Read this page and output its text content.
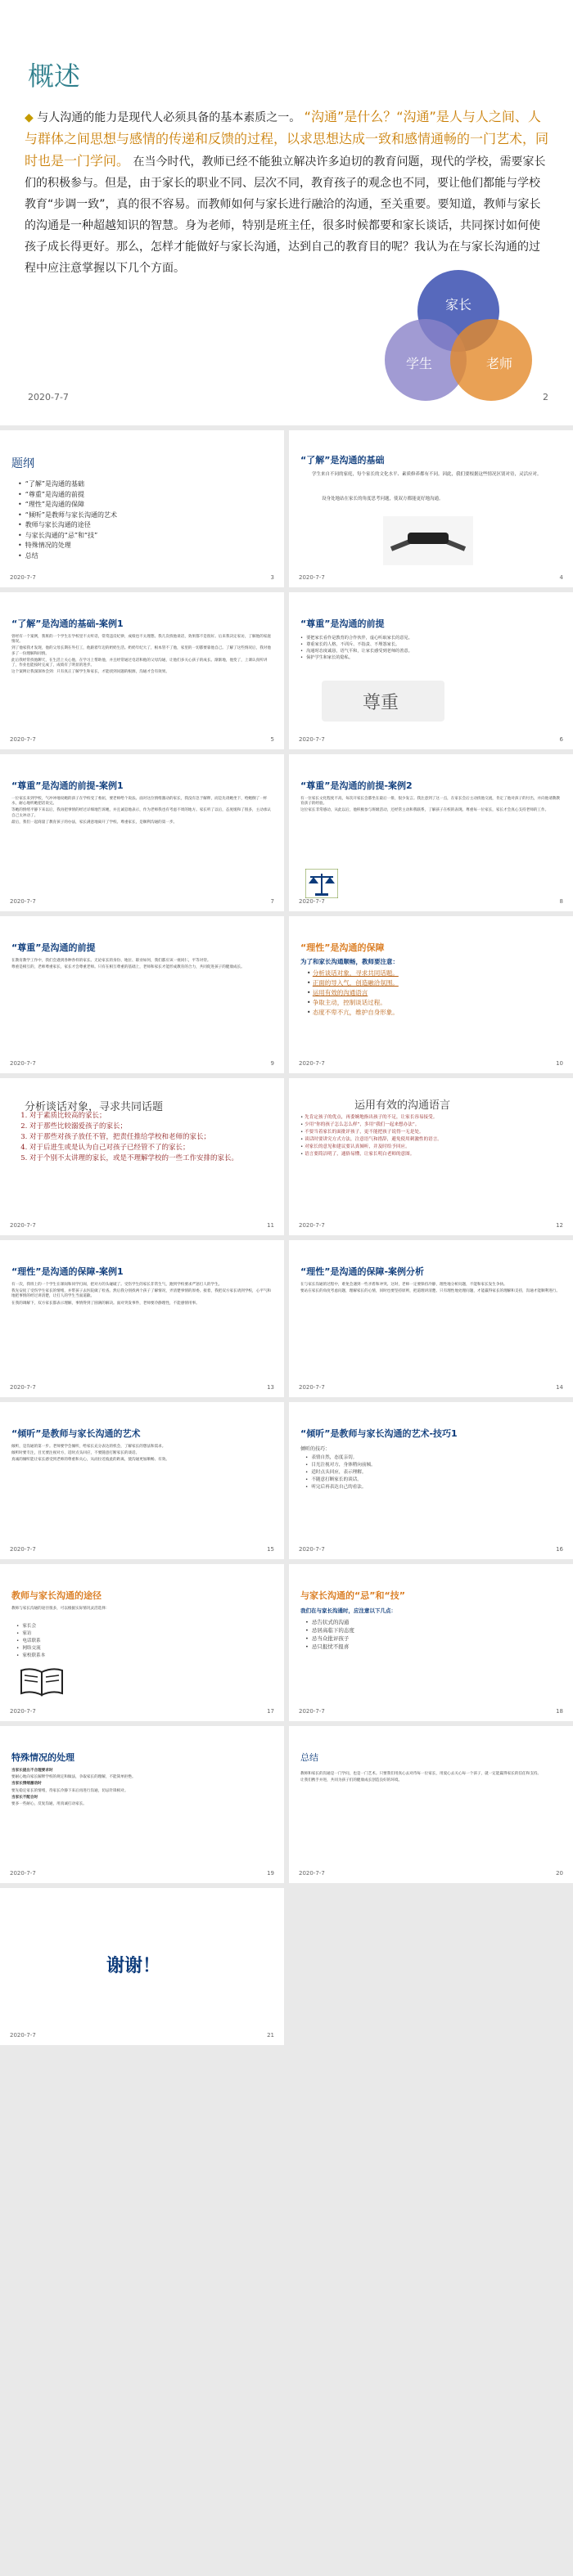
概述
◆ 与人沟通的能力是现代人必须具备的基本素质之一。 “沟通”是什么？“沟通”是人与人之间、人与群体之间思想与感情的传递和反馈的过程，以求思想达成一致和感情通畅的一门艺术，同时也是一门学问。 在当今时代，教师已经不能独立解决许多迫切的教育问题，现代的学校，需要家长们的积极参与。但是，由于家长的职业不同、层次不同，教育孩子的观念也不同，要让他们都能与学校教育“步调一致”，真的很不容易。而教师如何与家长进行融洽的沟通，至关重要。要知道，教师与家长的沟通是一种超越知识的智慧。身为老师，特别是班主任，很多时候都要和家长谈话，共同探讨如何使孩子成长得更好。那么，怎样才能做好与家长沟通，达到自己的教育目的呢？我认为在与家长沟通的过程中应注意掌握以下几个方面。
家长
学生	老师
2020-7-7	2
题纲
• “了解”是沟通的基础
• “尊重”是沟通的前提
• “理性”是沟通的保障
• “倾听”是教师与家长沟通的艺术
• 教师与家长沟通的途径
• 与家长沟通的“忌”和“技”
• 特殊情况的处理
• 总结
2020-7-7	3
“了解”是沟通的基础
学生来自不同的家庭，每个家长的文化水平、素质修养都有不同。因此，我们要根据这些情况区别对待，灵活应对。
设身处地站在家长的角度思考问题，使双方都能更好地沟通。
2020-7-7	4
“了解”是沟通的基础-案例1

曾经有一个案例，我班的一个学生在学校里不太听话，常常违反纪律，成绩也不太理想。我几次找他谈话，效果都不是很好。后来我决定家访，了解他的家庭情况。

到了他家我才发现，他的父母长期在外打工，他跟着年迈的奶奶生活。奶奶年纪大了，根本管不了他，家里的一切都要靠他自己。了解了这些情况后，我对他多了一份理解和同情。

此后我经常找他聊天，在生活上关心他，在学习上帮助他，并且经常通过电话和他的父母沟通，让他们多关心孩子的成长。渐渐地，他变了，上课认真听讲了，作业也能按时完成了，成绩有了明显的进步。

这个案例让我深深体会到：只有真正了解学生和家长，才能找到问题的根源，沟通才会有效果。

2020-7-7	5
“尊重”是沟通的前提
• 要把家长看作是教育的合作伙伴，虚心听取家长的意见。
• 尊重家长的人格，不训斥、不指责、不埋怨家长。
• 沟通时态度诚恳，语气平和，让家长感受到老师的善意。
• 保护学生和家长的隐私。
尊重
2020-7-7	6
“尊重”是沟通的前提-案例1

一位家长来到学校，气冲冲地说她的孩子在学校受了委屈，要老师给个说法。面对这位情绪激动的家长，我没有急于解释，而是先请她坐下，给她倒了一杯水，耐心地听她把话说完。

等她的情绪平静下来以后，我再把事情的经过详细地告诉她，并且诚恳地表示，作为老师我也有考虑不周的地方。家长听了以后，态度缓和了很多，主动承认自己太冲动了。

最后，我们一起商量了教育孩子的办法，家长满意地离开了学校。尊重家长，是顺利沟通的第一步。

2020-7-7	7
“尊重”是沟通的前提-案例2

有一位家长文化程度不高，每次开家长会都坐在最后一排，很少发言。我注意到了这一点，在家长会后主动找他交流，肯定了他对孩子的付出，并向他请教教育孩子的经验。

这位家长非常感动，从此以后，他积极参与班级活动，还经常主动和我联系，了解孩子在校的表现。尊重每一位家长，家长才会真心支持老师的工作。

2020-7-7	8
“尊重”是沟通的前提

在教育教学工作中，我们会遇到各种各样的家长。无论家长的身份、地位、职业如何，我们都应该一视同仁，平等对待。

尊重是相互的，老师尊重家长，家长才会尊重老师。只有在相互尊重的基础上，老师和家长才能形成教育的合力，共同促进孩子的健康成长。

2020-7-7	9
“理性”是沟通的保障
为了和家长沟通顺畅，教师要注意：
• 分析谈话对象，寻求共同话题。
• 正面的导入气，创造融洽氛围。
• 运用有效的沟通语言
• 争取主动，控制谈话过程。
• 态度不卑不亢，维护自身形象。
2020-7-7	10
分析谈话对象，寻求共同话题
1. 对于素质比较高的家长；
2. 对于那些比较溺爱孩子的家长；
3. 对于那些对孩子放任不管，把责任推给学校和老师的家长；
4. 对于后进生或是认为自己对孩子已经管不了的家长；
5. 对于个别不太讲理的家长，或是不理解学校的一些工作安排的家长。
2020-7-7	11
运用有效的沟通语言
• 先肯定孩子的优点，再委婉地指出孩子的不足，让家长容易接受。
• 少用“你的孩子怎么怎么样”，多用“我们一起来想办法”。
• 不要当着家长的面批评孩子，更不能把孩子说得一无是处。
• 谈话时要讲究方式方法，注意语气和措辞，避免使用刺激性的语言。
• 对家长的意见和建议要认真倾听，并及时给予回应。
• 语言要简洁明了，通俗易懂，让家长明白老师的意图。
2020-7-7	12
“理性”是沟通的保障-案例1

有一次，我班上的一个学生在课间和同学打闹，把对方的头碰破了。受伤学生的家长非常生气，跑到学校要求严惩打人的学生。

我先安抚了受伤学生家长的情绪，并带孩子去医院做了检查。然后我分别找两个孩子了解情况，弄清楚事情的原委。接着，我把双方家长请到学校，心平气和地把事情的经过讲清楚，让打人的学生当面道歉。

在我的调解下，双方家长都表示理解，事情得到了圆满的解决。面对突发事件，老师要冷静理性，不能感情用事。

2020-7-7	13
“理性”是沟通的保障-案例分析

在与家长沟通的过程中，难免会遇到一些矛盾和冲突。这时，老师一定要保持冷静，理性地分析问题，不能和家长发生争执。

要站在家长的角度考虑问题，理解家长的心情，同时也要坚持原则，把道理讲清楚。只有理性地处理问题，才能赢得家长的理解和支持，沟通才能顺利进行。

2020-7-7	14
“倾听”是教师与家长沟通的艺术

倾听，是沟通的第一步。老师要学会倾听，给家长充分表达的机会，了解家长的想法和需求。

倾听时要专注，目光要注视对方，适时点头回应，不要随意打断家长的谈话。

真诚的倾听能让家长感受到老师的尊重和关心，从而拉近彼此的距离，使沟通更加顺畅、有效。

2020-7-7	15
“倾听”是教师与家长沟通的艺术-技巧1
倾听的技巧：
• 表情自然，态度亲切。
• 目光注视对方，身体稍向前倾。
• 适时点头回应，表示理解。
• 不随意打断家长的谈话。
• 听完后再表达自己的看法。
2020-7-7	16
教师与家长沟通的途径
教师与家长沟通的途径很多，可以根据实际情况灵活选择：
• 家长会
• 家访
• 电话联系
• 网络交流
• 家校联系本
2020-7-7	17
与家长沟通的“忌”和“技”
我们在与家长沟通时，应注意以下几点：
• 忌告状式的沟通
• 忌居高临下的态度
• 忌当众批评孩子
• 忌只报忧不报喜
2020-7-7	18
特殊情况的处理

当家长提出不合理要求时

要耐心地向家长解释学校的规定和做法，争取家长的理解，不能简单拒绝。

当家长情绪激动时

要先稳定家长的情绪，待家长冷静下来后再进行沟通，切忌针锋相对。

当家长不配合时

要多一些耐心，反复沟通，用真诚打动家长。

2020-7-7	19
总结

教师和家长的沟通是一门学问，也是一门艺术。只要我们用真心去对待每一位家长，用爱心去关心每一个孩子，就一定能赢得家长的信任和支持。

让我们携手并进，共同为孩子们的健康成长创造良好的环境。

2020-7-7	20
谢谢！
2020-7-7	21
